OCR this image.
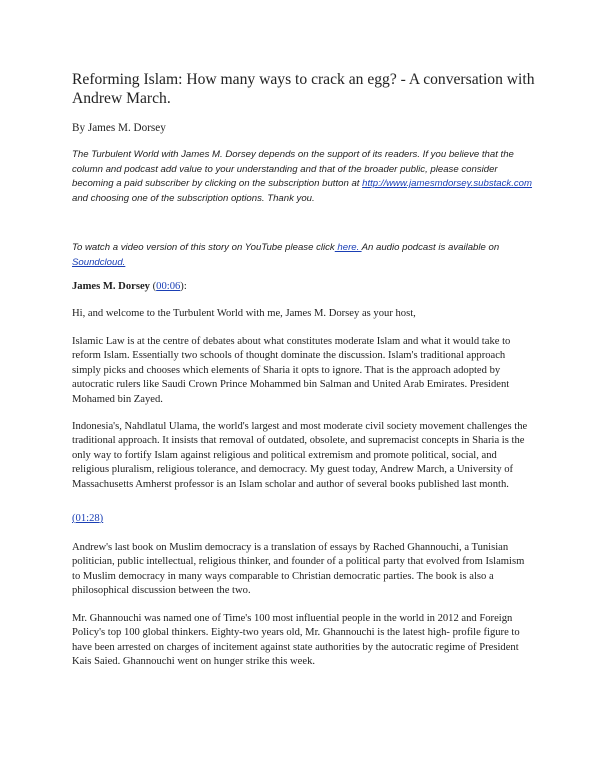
Reforming Islam: How many ways to crack an egg? - A conversation with Andrew March.
By James M. Dorsey

The Turbulent World with James M. Dorsey depends on the support of its readers. If you believe that the column and podcast add value to your understanding and that of the broader public, please consider becoming a paid subscriber by clicking on the subscription button at http://www.jamesmdorsey.substack.com and choosing one of the subscription options. Thank you.

To watch a video version of this story on YouTube please click here. An audio podcast is available on Soundcloud.

James M. Dorsey (00:06):

Hi, and welcome to the Turbulent World with me, James M. Dorsey as your host,

Islamic Law is at the centre of debates about what constitutes moderate Islam and what it would take to reform Islam. Essentially two schools of thought dominate the discussion. Islam's traditional approach simply picks and chooses which elements of Sharia it opts to ignore. That is the approach adopted by autocratic rulers like Saudi Crown Prince Mohammed bin Salman and United Arab Emirates. President Mohamed bin Zayed.

Indonesia's, Nahdlatul Ulama, the world's largest and most moderate civil society movement challenges the traditional approach. It insists that removal of outdated, obsolete, and supremacist concepts in Sharia is the only way to fortify Islam against religious and political extremism and promote political, social, and religious pluralism, religious tolerance, and democracy. My guest today, Andrew March, a University of Massachusetts Amherst professor is an Islam scholar and author of several books published last month.

(01:28)

Andrew's last book on Muslim democracy is a translation of essays by Rached Ghannouchi, a Tunisian politician, public intellectual, religious thinker, and founder of a political party that evolved from Islamism to Muslim democracy in many ways comparable to Christian democratic parties. The book is also a philosophical discussion between the two.

Mr. Ghannouchi was named one of Time's 100 most influential people in the world in 2012 and Foreign Policy's top 100 global thinkers. Eighty-two years old, Mr. Ghannouchi is the latest high- profile figure to have been arrested on charges of incitement against state authorities by the autocratic regime of President Kais Saied. Ghannouchi went on hunger strike this week.
